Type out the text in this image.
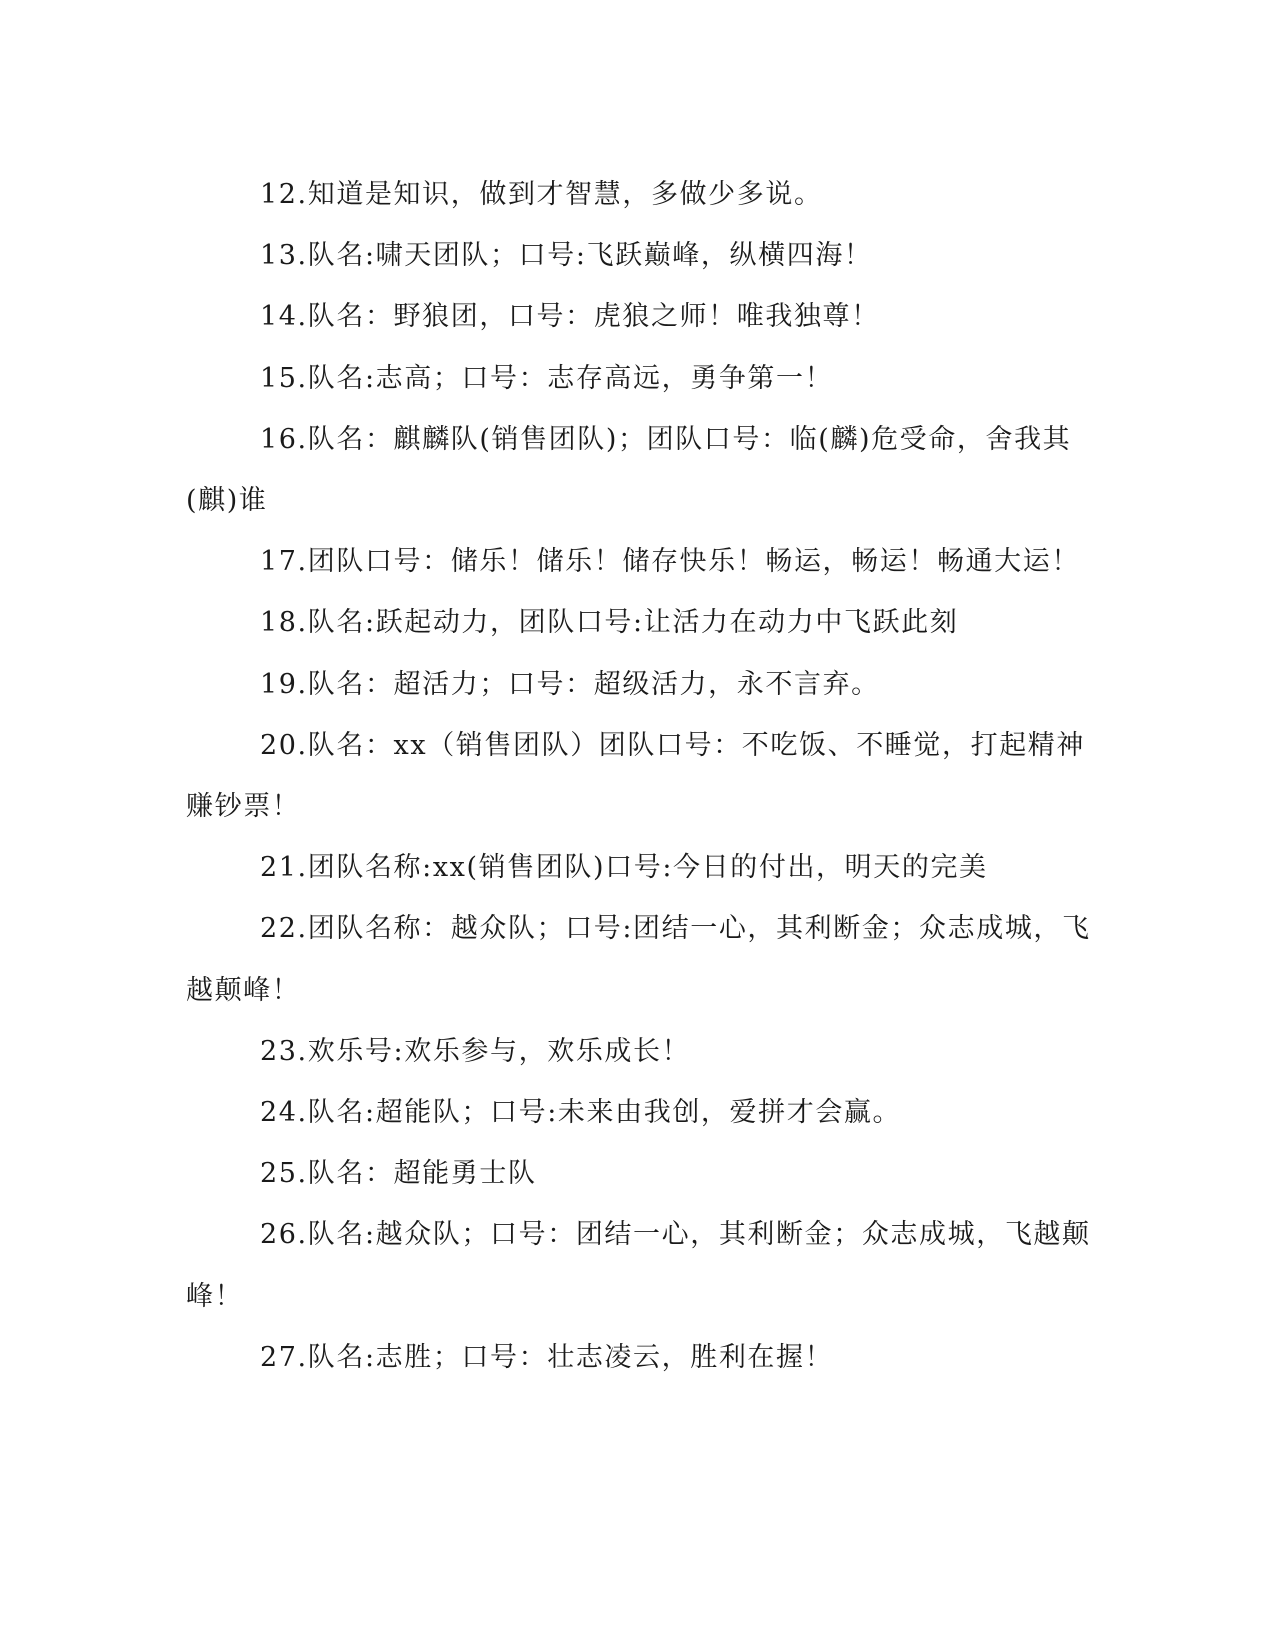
12.知道是知识，做到才智慧，多做少多说。

13.队名:啸天团队；口号:飞跃巅峰，纵横四海！

14.队名：野狼团，口号：虎狼之师！唯我独尊！

15.队名:志高；口号：志存高远，勇争第一！

16.队名：麒麟队(销售团队)；团队口号：临(麟)危受命，舍我其(麒)谁

17.团队口号：储乐！储乐！储存快乐！畅运，畅运！畅通大运！

18.队名:跃起动力，团队口号:让活力在动力中飞跃此刻

19.队名：超活力；口号：超级活力，永不言弃。

20.队名：xx（销售团队）团队口号：不吃饭、不睡觉，打起精神赚钞票！

21.团队名称:xx(销售团队)口号:今日的付出，明天的完美

22.团队名称：越众队；口号:团结一心，其利断金；众志成城，飞越颠峰！

23.欢乐号:欢乐参与，欢乐成长！

24.队名:超能队；口号:未来由我创，爱拼才会赢。

25.队名：超能勇士队

26.队名:越众队；口号：团结一心，其利断金；众志成城，飞越颠峰！

27.队名:志胜；口号：壮志凌云，胜利在握！
